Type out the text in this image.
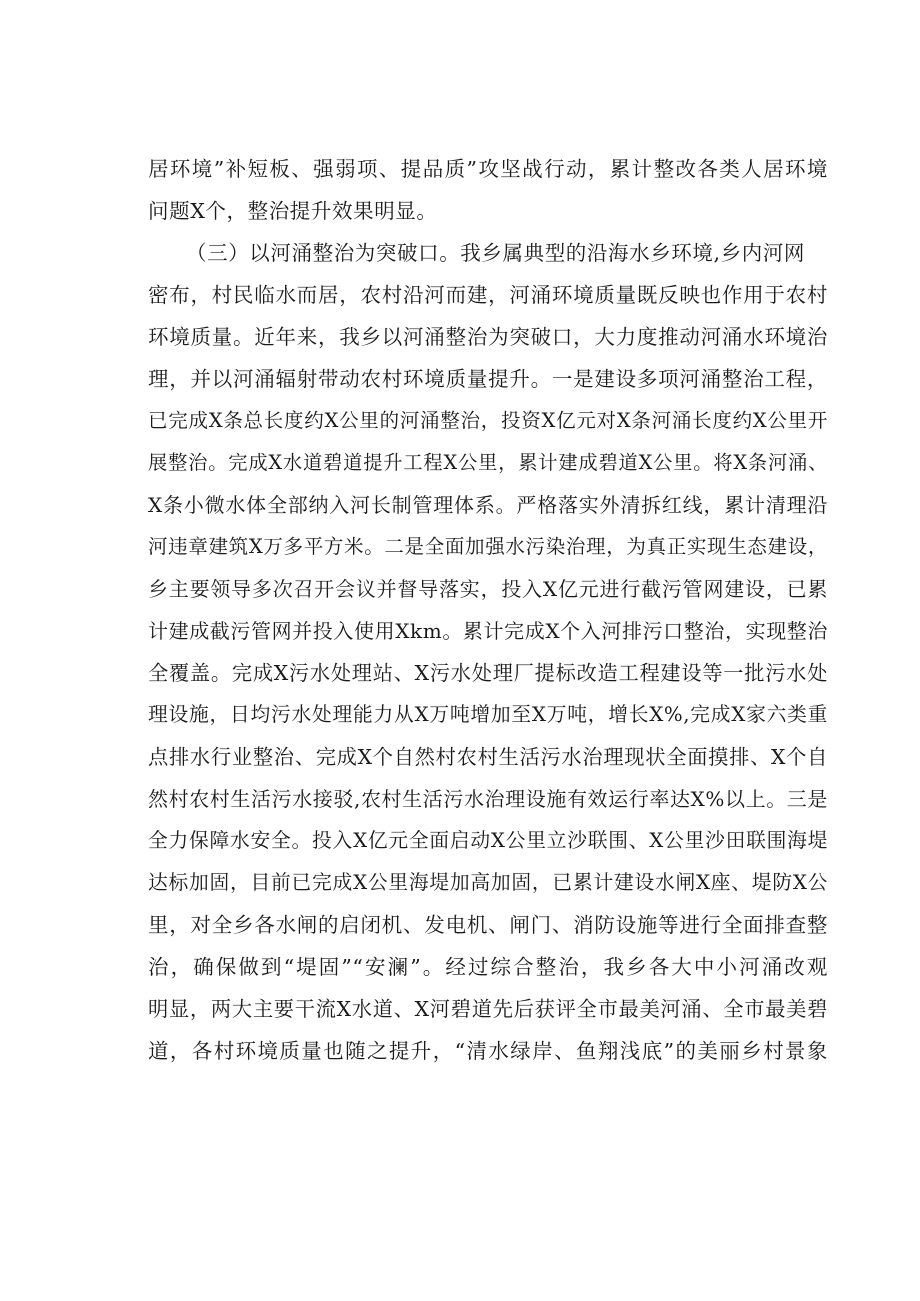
居环境”补短板、强弱项、提品质”攻坚战行动，累计整改各类人居环境
问题X个，整治提升效果明显。
（三）以河涌整治为突破口。我乡属典型的沿海水乡环境,乡内河网
密布，村民临水而居，农村沿河而建，河涌环境质量既反映也作用于农村
环境质量。近年来，我乡以河涌整治为突破口，大力度推动河涌水环境治
理，并以河涌辐射带动农村环境质量提升。一是建设多项河涌整治工程，
已完成X条总长度约X公里的河涌整治，投资X亿元对X条河涌长度约X公里开
展整治。完成X水道碧道提升工程X公里，累计建成碧道X公里。将X条河涌、
X条小微水体全部纳入河长制管理体系。严格落实外清拆红线，累计清理沿
河违章建筑X万多平方米。二是全面加强水污染治理，为真正实现生态建设，
乡主要领导多次召开会议并督导落实，投入X亿元进行截污管网建设，已累
计建成截污管网并投入使用Xkm。累计完成X个入河排污口整治，实现整治
全覆盖。完成X污水处理站、X污水处理厂提标改造工程建设等一批污水处
理设施，日均污水处理能力从X万吨增加至X万吨，增长X%,完成X家六类重
点排水行业整治、完成X个自然村农村生活污水治理现状全面摸排、X个自
然村农村生活污水接驳,农村生活污水治理设施有效运行率达X%以上。三是
全力保障水安全。投入X亿元全面启动X公里立沙联围、X公里沙田联围海堤
达标加固，目前已完成X公里海堤加高加固，已累计建设水闸X座、堤防X公
里，对全乡各水闸的启闭机、发电机、闸门、消防设施等进行全面排查整
治，确保做到“堤固”“安澜”。经过综合整治，我乡各大中小河涌改观
明显，两大主要干流X水道、X河碧道先后获评全市最美河涌、全市最美碧
道，各村环境质量也随之提升，“清水绿岸、鱼翔浅底”的美丽乡村景象
